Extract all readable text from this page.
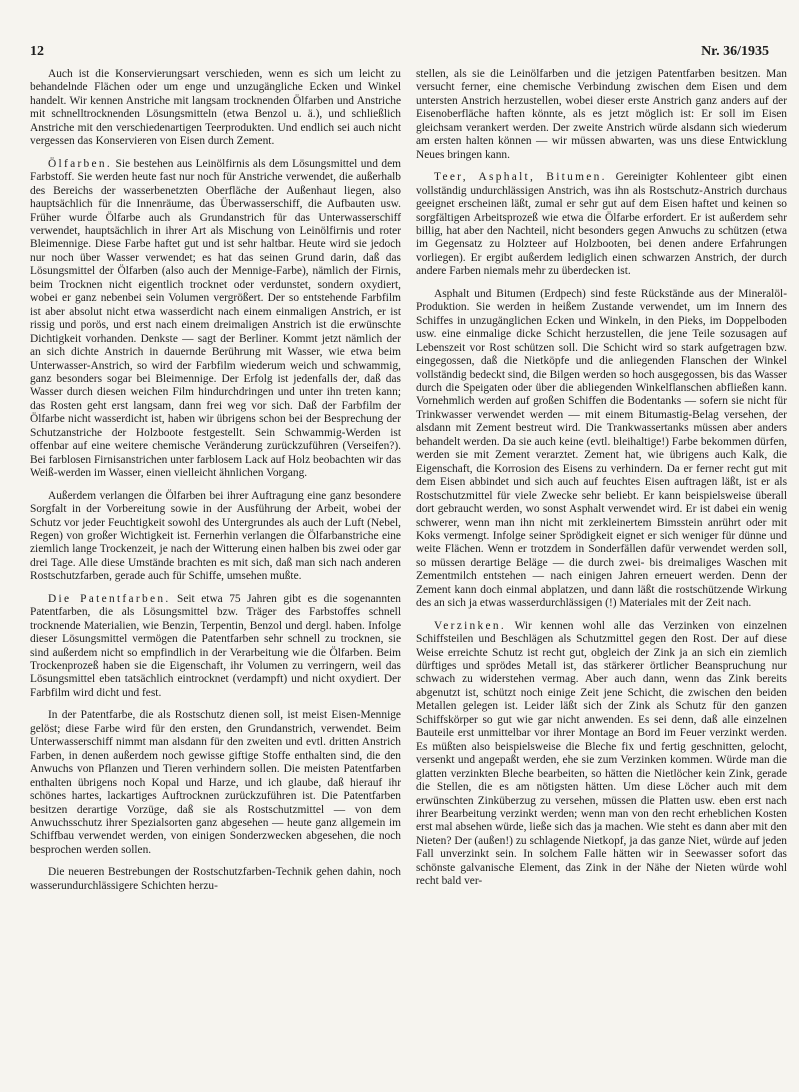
12	Nr. 36/1935

Auch ist die Konservierungsart verschieden, wenn es sich um leicht zu behandelnde Flächen oder um enge und unzugängliche Ecken und Winkel handelt. Wir kennen Anstriche mit langsam trocknenden Ölfarben und Anstriche mit schnelltrocknenden Lösungsmitteln (etwa Benzol u. ä.), und schließlich Anstriche mit den verschiedenartigen Teerprodukten. Und endlich sei auch nicht vergessen das Konservieren von Eisen durch Zement.

Ölfarben. Sie bestehen aus Leinölfirnis als dem Lösungsmittel und dem Farbstoff. Sie werden heute fast nur noch für Anstriche verwendet, die außerhalb des Bereichs der wasserbenetzten Oberfläche der Außenhaut liegen, also hauptsächlich für die Innenräume, das Überwasserschiff, die Aufbauten usw. Früher wurde Ölfarbe auch als Grundanstrich für das Unterwasserschiff verwendet, hauptsächlich in ihrer Art als Mischung von Leinölfirnis und roter Bleimennige. Diese Farbe haftet gut und ist sehr haltbar. Heute wird sie jedoch nur noch über Wasser verwendet; es hat das seinen Grund darin, daß das Lösungsmittel der Ölfarben (also auch der Mennige-Farbe), nämlich der Firnis, beim Trocknen nicht eigentlich trocknet oder verdunstet, sondern oxydiert, wobei er ganz nebenbei sein Volumen vergrößert. Der so entstehende Farbfilm ist aber absolut nicht etwa wasserdicht nach einem einmaligen Anstrich, er ist rissig und porös, und erst nach einem dreimaligen Anstrich ist die erwünschte Dichtigkeit vorhanden. Denkste — sagt der Berliner. Kommt jetzt nämlich der an sich dichte Anstrich in dauernde Berührung mit Wasser, wie etwa beim Unterwasser-Anstrich, so wird der Farbfilm wiederum weich und schwammig, ganz besonders sogar bei Bleimennige. Der Erfolg ist jedenfalls der, daß das Wasser durch diesen weichen Film hindurchdringen und unter ihn treten kann; das Rosten geht erst langsam, dann frei weg vor sich. Daß der Farbfilm der Ölfarbe nicht wasserdicht ist, haben wir übrigens schon bei der Besprechung der Schutzanstriche der Holzboote festgestellt. Sein Schwammig-Werden ist offenbar auf eine weitere chemische Veränderung zurückzuführen (Verseifen?). Bei farblosen Firnisanstrichen unter farblosem Lack auf Holz beobachten wir das Weiß-werden im Wasser, einen vielleicht ähnlichen Vorgang.

Außerdem verlangen die Ölfarben bei ihrer Auftragung eine ganz besondere Sorgfalt in der Vorbereitung sowie in der Ausführung der Arbeit, wobei der Schutz vor jeder Feuchtigkeit sowohl des Untergrundes als auch der Luft (Nebel, Regen) von großer Wichtigkeit ist. Fernerhin verlangen die Ölfarbanstriche eine ziemlich lange Trockenzeit, je nach der Witterung einen halben bis zwei oder gar drei Tage. Alle diese Umstände brachten es mit sich, daß man sich nach anderen Rostschutzfarben, gerade auch für Schiffe, umsehen mußte.

Die Patentfarben. Seit etwa 75 Jahren gibt es die sogenannten Patentfarben, die als Lösungsmittel bzw. Träger des Farbstoffes schnell trocknende Materialien, wie Benzin, Terpentin, Benzol und dergl. haben. Infolge dieser Lösungsmittel vermögen die Patentfarben sehr schnell zu trocknen, sie sind außerdem nicht so empfindlich in der Verarbeitung wie die Ölfarben. Beim Trockenprozeß haben sie die Eigenschaft, ihr Volumen zu verringern, weil das Lösungsmittel eben tatsächlich eintrocknet (verdampft) und nicht oxydiert. Der Farbfilm wird dicht und fest.

In der Patentfarbe, die als Rostschutz dienen soll, ist meist Eisen-Mennige gelöst; diese Farbe wird für den ersten, den Grundanstrich, verwendet. Beim Unterwasserschiff nimmt man alsdann für den zweiten und evtl. dritten Anstrich Farben, in denen außerdem noch gewisse giftige Stoffe enthalten sind, die den Anwuchs von Pflanzen und Tieren verhindern sollen. Die meisten Patentfarben enthalten übrigens noch Kopal und Harze, und ich glaube, daß hierauf ihr schönes hartes, lackartiges Auftrocknen zurückzuführen ist. Die Patentfarben besitzen derartige Vorzüge, daß sie als Rostschutzmittel — von dem Anwuchsschutz ihrer Spezialsorten ganz abgesehen — heute ganz allgemein im Schiffbau verwendet werden, von einigen Sonderzwecken abgesehen, die noch besprochen werden sollen.

Die neueren Bestrebungen der Rostschutzfarben-Technik gehen dahin, noch wasserundurchlässigere Schichten herzu-

stellen, als sie die Leinölfarben und die jetzigen Patentfarben besitzen. Man versucht ferner, eine chemische Verbindung zwischen dem Eisen und dem untersten Anstrich herzustellen, wobei dieser erste Anstrich ganz anders auf der Eisenoberfläche haften könnte, als es jetzt möglich ist: Er soll im Eisen gleichsam verankert werden. Der zweite Anstrich würde alsdann sich wiederum am ersten halten können — wir müssen abwarten, was uns diese Entwicklung Neues bringen kann.

Teer, Asphalt, Bitumen. Gereinigter Kohlenteer gibt einen vollständig undurchlässigen Anstrich, was ihn als Rostschutz-Anstrich durchaus geeignet erscheinen läßt, zumal er sehr gut auf dem Eisen haftet und keinen so sorgfältigen Arbeitsprozeß wie etwa die Ölfarbe erfordert. Er ist außerdem sehr billig, hat aber den Nachteil, nicht besonders gegen Anwuchs zu schützen (etwa im Gegensatz zu Holzteer auf Holzbooten, bei denen andere Erfahrungen vorliegen). Er ergibt außerdem lediglich einen schwarzen Anstrich, der durch andere Farben niemals mehr zu überdecken ist.

Asphalt und Bitumen (Erdpech) sind feste Rückstände aus der Mineralöl-Produktion. Sie werden in heißem Zustande verwendet, um im Innern des Schiffes in unzugänglichen Ecken und Winkeln, in den Pieks, im Doppelboden usw. eine einmalige dicke Schicht herzustellen, die jene Teile sozusagen auf Lebenszeit vor Rost schützen soll. Die Schicht wird so stark aufgetragen bzw. eingegossen, daß die Nietköpfe und die anliegenden Flanschen der Winkel vollständig bedeckt sind, die Bilgen werden so hoch ausgegossen, bis das Wasser durch die Speigaten oder über die abliegenden Winkelflanschen abfließen kann. Vornehmlich werden auf großen Schiffen die Bodentanks — sofern sie nicht für Trinkwasser verwendet werden — mit einem Bitumastig-Belag versehen, der alsdann mit Zement bestreut wird. Die Trankwassertanks müssen aber anders behandelt werden. Da sie auch keine (evtl. bleihaltige!) Farbe bekommen dürfen, werden sie mit Zement verarztet. Zement hat, wie übrigens auch Kalk, die Eigenschaft, die Korrosion des Eisens zu verhindern. Da er ferner recht gut mit dem Eisen abbindet und sich auch auf feuchtes Eisen auftragen läßt, ist er als Rostschutzmittel für viele Zwecke sehr beliebt. Er kann beispielsweise überall dort gebraucht werden, wo sonst Asphalt verwendet wird. Er ist dabei ein wenig schwerer, wenn man ihn nicht mit zerkleinertem Bimsstein anrührt oder mit Koks vermengt. Infolge seiner Sprödigkeit eignet er sich weniger für dünne und weite Flächen. Wenn er trotzdem in Sonderfällen dafür verwendet werden soll, so müssen derartige Beläge — die durch zwei- bis dreimaliges Waschen mit Zementmilch entstehen — nach einigen Jahren erneuert werden. Denn der Zement kann doch einmal abplatzen, und dann läßt die rostschützende Wirkung des an sich ja etwas wasserdurchlässigen (!) Materiales mit der Zeit nach.

Verzinken. Wir kennen wohl alle das Verzinken von einzelnen Schiffsteilen und Beschlägen als Schutzmittel gegen den Rost. Der auf diese Weise erreichte Schutz ist recht gut, obgleich der Zink ja an sich ein ziemlich dürftiges und sprödes Metall ist, das stärkerer örtlicher Beanspruchung nur schwach zu widerstehen vermag. Aber auch dann, wenn das Zink bereits abgenutzt ist, schützt noch einige Zeit jene Schicht, die zwischen den beiden Metallen gelegen ist. Leider läßt sich der Zink als Schutz für den ganzen Schiffskörper so gut wie gar nicht anwenden. Es sei denn, daß alle einzelnen Bauteile erst unmittelbar vor ihrer Montage an Bord im Feuer verzinkt werden. Es müßten also beispielsweise die Bleche fix und fertig geschnitten, gelocht, versenkt und angepaßt werden, ehe sie zum Verzinken kommen. Würde man die glatten verzinkten Bleche bearbeiten, so hätten die Nietlöcher kein Zink, gerade die Stellen, die es am nötigsten hätten. Um diese Löcher auch mit dem erwünschten Zinküberzug zu versehen, müssen die Platten usw. eben erst nach ihrer Bearbeitung verzinkt werden; wenn man von den recht erheblichen Kosten erst mal absehen würde, ließe sich das ja machen. Wie steht es dann aber mit den Nieten? Der (außen!) zu schlagende Nietkopf, ja das ganze Niet, würde auf jeden Fall unverzinkt sein. In solchem Falle hätten wir in Seewasser sofort das schönste galvanische Element, das Zink in der Nähe der Nieten würde wohl recht bald ver-
